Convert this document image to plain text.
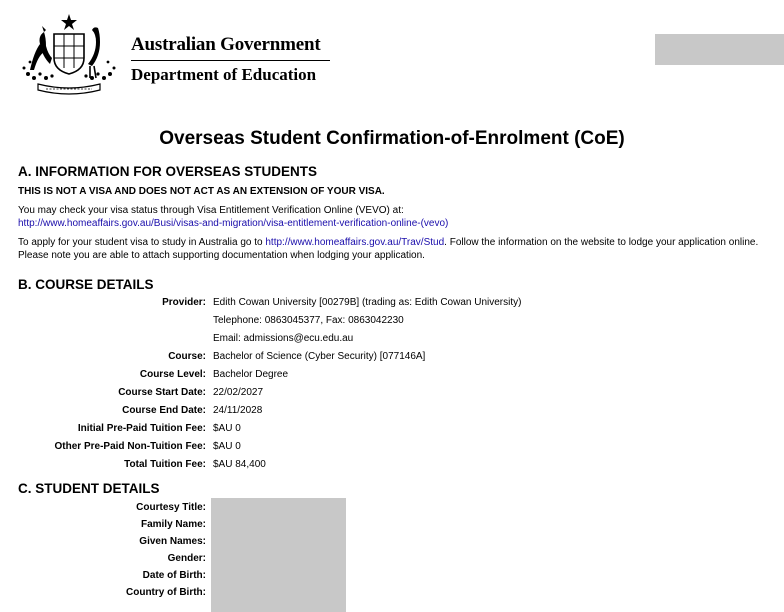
Australian Government
Department of Education
Overseas Student Confirmation-of-Enrolment (CoE)
A. INFORMATION FOR OVERSEAS STUDENTS
THIS IS NOT A VISA AND DOES NOT ACT AS AN EXTENSION OF YOUR VISA.
You may check your visa status through Visa Entitlement Verification Online (VEVO) at:
http://www.homeaffairs.gov.au/Busi/visas-and-migration/visa-entitlement-verification-online-(vevo)
To apply for your student visa to study in Australia go to http://www.homeaffairs.gov.au/Trav/Stud. Follow the information on the website to lodge your application online. Please note you are able to attach supporting documentation when lodging your application.
B. COURSE DETAILS
Provider: Edith Cowan University [00279B] (trading as: Edith Cowan University)
Telephone: 0863045377, Fax: 0863042230
Email: admissions@ecu.edu.au
Course: Bachelor of Science (Cyber Security) [077146A]
Course Level: Bachelor Degree
Course Start Date: 22/02/2027
Course End Date: 24/11/2028
Initial Pre-Paid Tuition Fee: $AU 0
Other Pre-Paid Non-Tuition Fee: $AU 0
Total Tuition Fee: $AU 84,400
C. STUDENT DETAILS
Courtesy Title:
Family Name:
Given Names:
Gender:
Date of Birth:
Country of Birth:
